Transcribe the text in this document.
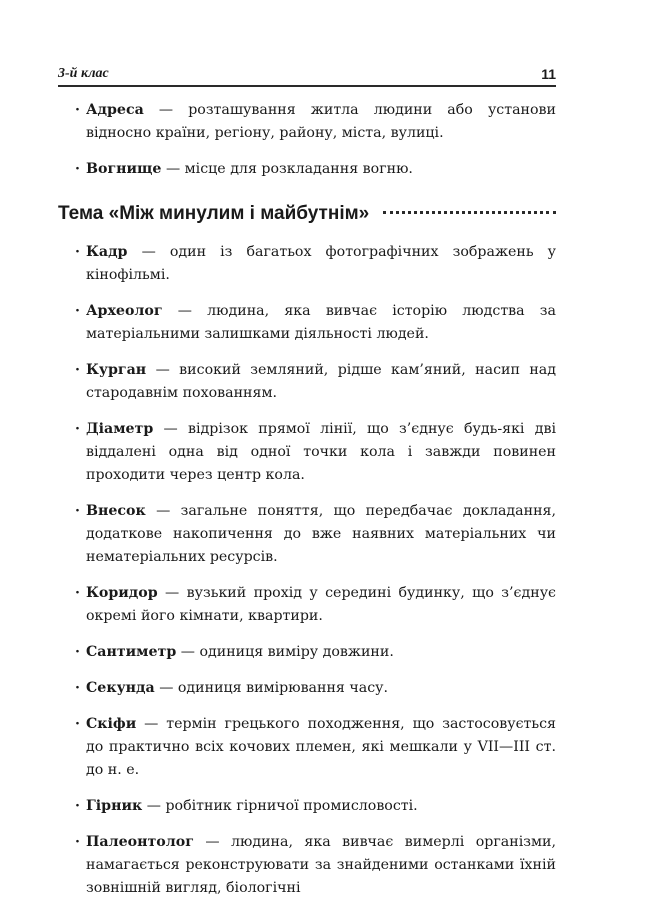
3-й клас	11
· Адреса — розташування житла людини або установи відносно країни, регіону, району, міста, вулиці.
· Вогнище — місце для розкладання вогню.
Тема «Між минулим і майбутнім»
· Кадр — один із багатьох фотографічних зображень у кінофільмі.
· Археолог — людина, яка вивчає історію людства за матеріальними залишками діяльності людей.
· Курган — високий земляний, рідше кам’яний, насип над стародавнім похованням.
· Діаметр — відрізок прямої лінії, що з’єднує будь-які дві віддалені одна від одної точки кола і завжди повинен проходити через центр кола.
· Внесок — загальне поняття, що передбачає докладання, додаткове накопичення до вже наявних матеріальних чи нематеріальних ресурсів.
· Коридор — вузький прохід у середині будинку, що з’єднує окремі його кімнати, квартири.
· Сантиметр — одиниця виміру довжини.
· Секунда — одиниця вимірювання часу.
· Скіфи — термін грецького походження, що застосовується до практично всіх кочових племен, які мешкали у VII—III ст. до н. е.
· Гірник — робітник гірничої промисловості.
· Палеонтолог — людина, яка вивчає вимерлі організми, намагається реконструювати за знайденими останками їхній зовнішній вигляд, біологічні
